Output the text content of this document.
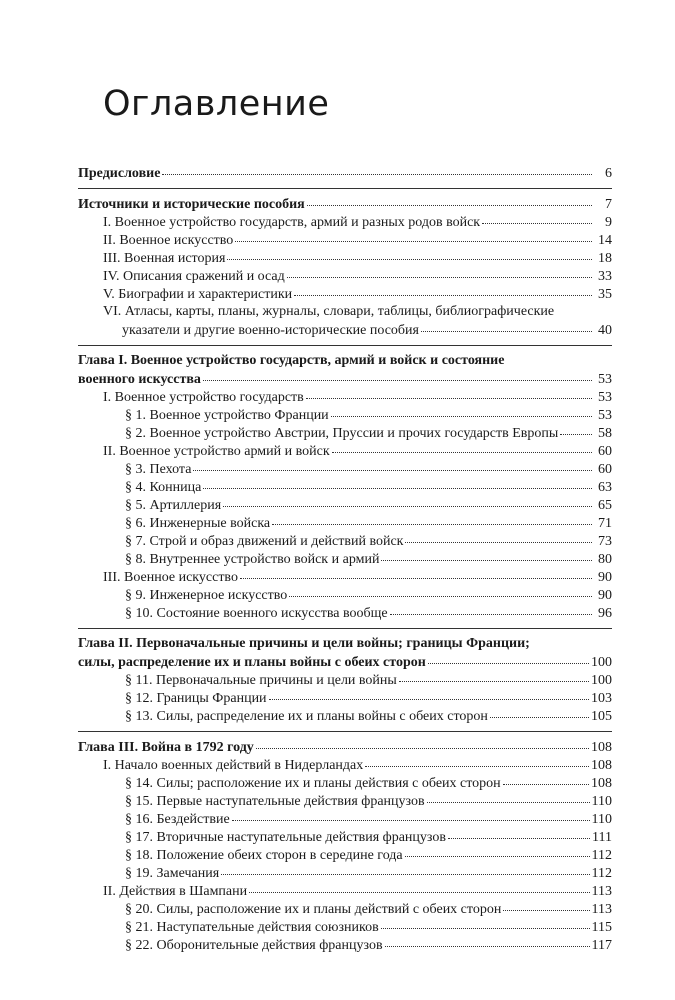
Оглавление
Предисловие	6
Источники и исторические пособия	7
I. Военное устройство государств, армий и разных родов войск	9
II. Военное искусство	14
III. Военная история	18
IV. Описания сражений и осад	33
V. Биографии и характеристики	35
VI. Атласы, карты, планы, журналы, словари, таблицы, библиографические
указатели и другие военно-исторические пособия	40
Глава I. Военное устройство государств, армий и войск и состояние
военного искусства	53
I. Военное устройство государств	53
§ 1. Военное устройство Франции	53
§ 2. Военное устройство Австрии, Пруссии и прочих государств Европы	58
II. Военное устройство армий и войск	60
§ 3. Пехота	60
§ 4. Конница	63
§ 5. Артиллерия	65
§ 6. Инженерные войска	71
§ 7. Строй и образ движений и действий войск	73
§ 8. Внутреннее устройство войск и армий	80
III. Военное искусство	90
§ 9. Инженерное искусство	90
§ 10. Состояние военного искусства вообще	96
Глава II. Первоначальные причины и цели войны; границы Франции;
силы, распределение их и планы войны с обеих сторон	100
§ 11. Первоначальные причины и цели войны	100
§ 12. Границы Франции	103
§ 13. Силы, распределение их и планы войны с обеих сторон	105
Глава III. Война в 1792 году	108
I. Начало военных действий в Нидерландах	108
§ 14. Силы; расположение их и планы действия с обеих сторон	108
§ 15. Первые наступательные действия французов	110
§ 16. Бездействие	110
§ 17. Вторичные наступательные действия французов	111
§ 18. Положение обеих сторон в середине года	112
§ 19. Замечания	112
II. Действия в Шампани	113
§ 20. Силы, расположение их и планы действий с обеих сторон	113
§ 21. Наступательные действия союзников	115
§ 22. Оборонительные действия французов	117
